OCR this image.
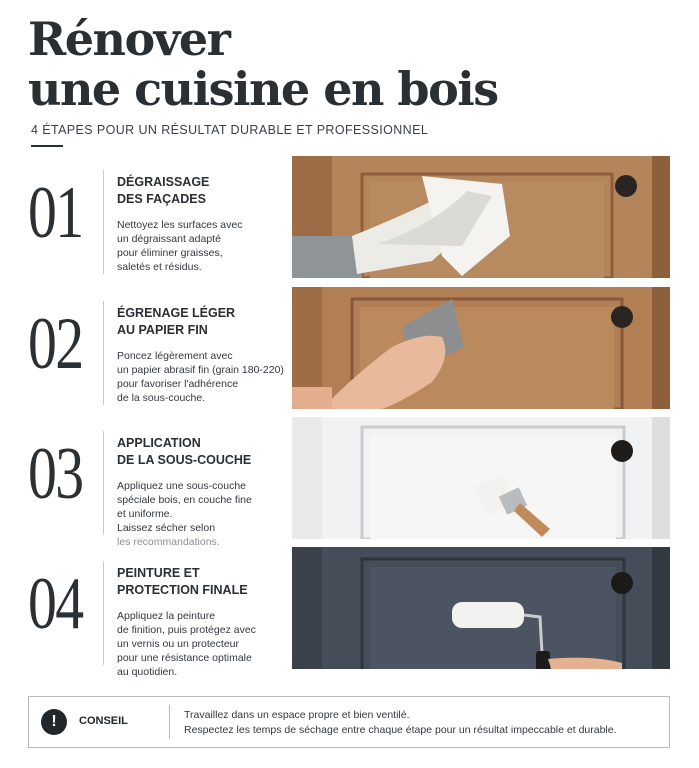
Rénover
une cuisine en bois
4 ÉTAPES POUR UN RÉSULTAT DURABLE ET PROFESSIONNEL
01	DÉGRAISSAGE
DES FAÇADES
Nettoyez les surfaces avec
un dégraissant adapté
pour éliminer graisses,
saletés et résidus.
02	ÉGRENAGE LÉGER
AU PAPIER FIN
Poncez légèrement avec
un papier abrasif fin (grain 180-220)
pour favoriser l'adhérence
de la sous-couche.
03	APPLICATION
DE LA SOUS-COUCHE
Appliquez une sous-couche
spéciale bois, en couche fine
et uniforme.
Laissez sécher selon
les recommandations.
04	PEINTURE ET
PROTECTION FINALE
Appliquez la peinture
de finition, puis protégez avec
un vernis ou un protecteur
pour une résistance optimale
au quotidien.
!	CONSEIL	Travaillez dans un espace propre et bien ventilé.
Respectez les temps de séchage entre chaque étape pour un résultat impeccable et durable.
